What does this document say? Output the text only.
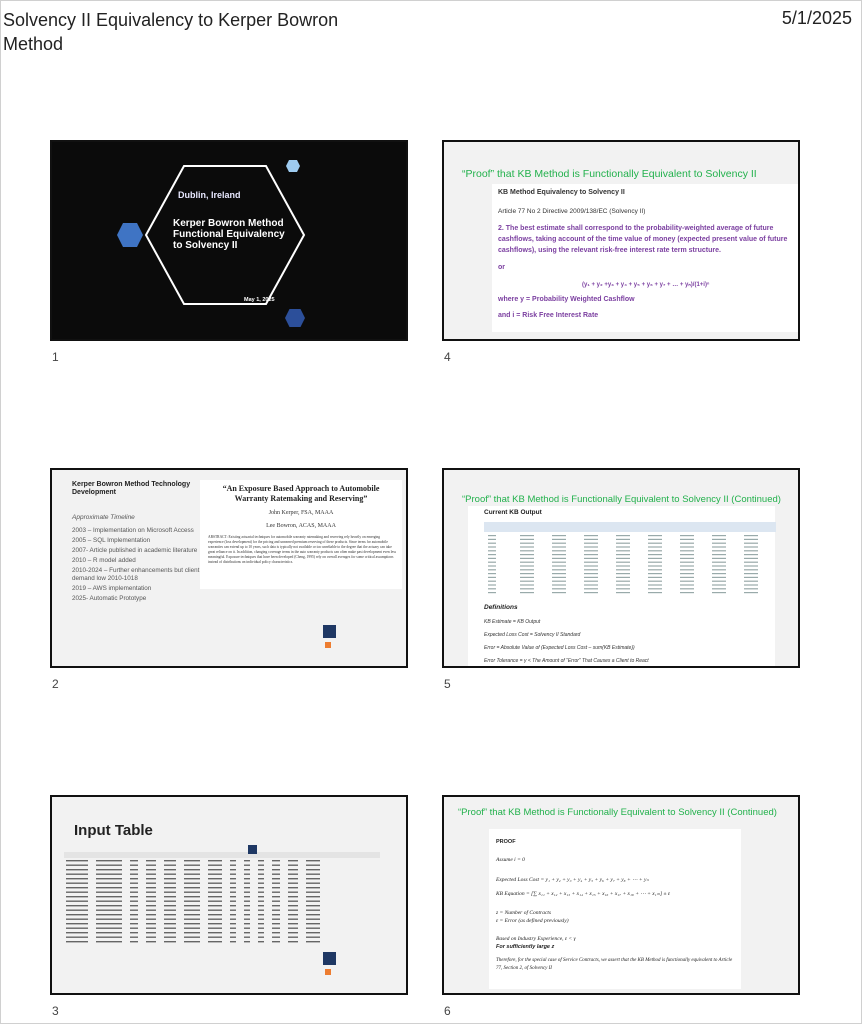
Solvency II Equivalency to Kerper Bowron Method
5/1/2025
Dublin, Ireland
Kerper Bowron Method Functional Equivalency to Solvency II
May 1, 2025
1
“Proof” that KB Method is Functionally Equivalent to Solvency II
KB Method Equivalency to Solvency II
Article 77 No 2 Directive 2009/138/EC (Solvency II)
2. The best estimate shall correspond to the probability-weighted average of future cashflows, taking account of the time value of money (expected present value of future cashflows), using the relevant risk-free interest rate term structure.
or
(y₁ + y₂ +y₃ + y₄ + y₅ + y₆ + y₇ + … + yₙ)/(1+i)ⁿ
where y = Probability Weighted Cashflow
and i = Risk Free Interest Rate
4
Kerper Bowron Method Technology Development
Approximate Timeline
2003 – Implementation on Microsoft Access
2005 – SQL Implementation
2007- Article published in academic literature
2010 – R model added
2010-2024 – Further enhancements but client demand low 2010-1018
2019 – AWS implementation
2025- Automatic Prototype
“An Exposure Based Approach to Automobile Warranty Ratemaking and Reserving”
John Kerper, FSA, MAAA
Lee Bowron, ACAS, MAAA
ABSTRACT: Existing actuarial techniques for automobile warranty ratemaking and reserving rely heavily on emerging experience (loss development) for the pricing and unearned premium reserving of these products. Since terms for automobile warranties can extend up to 10 years, such data is typically not available or too unreliable to the degree that the actuary can take great reliance on it. In addition, changing coverage terms in the auto warranty products can often make past development even less meaningful. Exposure techniques that have been developed (Cheng, 1995) rely on overall averages for some critical assumptions instead of distributions on individual policy characteristics.
2
“Proof” that KB Method is Functionally Equivalent to Solvency II (Continued)
Current KB Output
Definitions
KB Estimate = KB Output
Expected Loss Cost = Solvency II Standard
Error = Absolute Value of (Expected Loss Cost – sum(KB Estimate))
Error Tolerance = γ < The Amount of “Error” That Causes a Client to React
5
Input Table
3
“Proof” that KB Method is Functionally Equivalent to Solvency II (Continued)
PROOF
Assume i = 0
Expected Loss Cost = y₁ + y₂ + y₃ + y₄ + y₅ + y₆ + y₇ + y₈ + ⋯ + yₙ
KB Equation = [∑ x₁₁ + x₁₂ + x₁₃ + x₁₄ + x₁₅ + x₁₆ + x₁₇ + x₁₈ + ⋯ + x₁ₘ] ± ε
z = Number of Contracts
ε = Error (as defined previously)
Based on Industry Experience, ε < γ
For sufficiently large z
Therefore, for the special case of Service Contracts, we assert that the KB Method is functionally equivalent to Article 77, Section 2, of Solvency II
6
